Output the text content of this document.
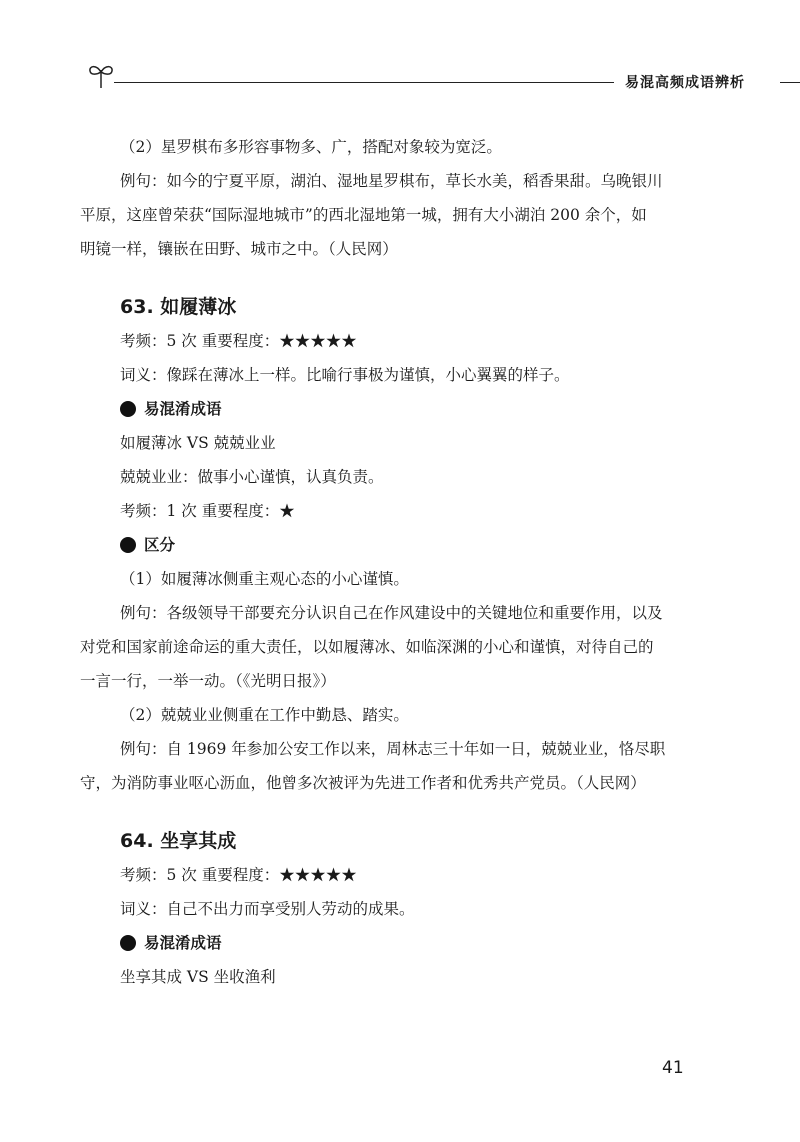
易混高频成语辨析

（2）星罗棋布多形容事物多、广，搭配对象较为宽泛。

例句：如今的宁夏平原，湖泊、湿地星罗棋布，草长水美，稻香果甜。乌晚银川

平原，这座曾荣获“国际湿地城市”的西北湿地第一城，拥有大小湖泊 200 余个，如

明镜一样，镶嵌在田野、城市之中。（人民网）

63. 如履薄冰

考频：5 次 重要程度：★★★★★

词义：像踩在薄冰上一样。比喻行事极为谨慎，小心翼翼的样子。

易混淆成语

如履薄冰 VS 兢兢业业

兢兢业业：做事小心谨慎，认真负责。

考频：1 次 重要程度：★

区分

（1）如履薄冰侧重主观心态的小心谨慎。

例句：各级领导干部要充分认识自己在作风建设中的关键地位和重要作用，以及

对党和国家前途命运的重大责任，以如履薄冰、如临深渊的小心和谨慎，对待自己的

一言一行，一举一动。（《光明日报》）

（2）兢兢业业侧重在工作中勤恳、踏实。

例句：自 1969 年参加公安工作以来，周林志三十年如一日，兢兢业业，恪尽职

守，为消防事业呕心沥血，他曾多次被评为先进工作者和优秀共产党员。（人民网）

64. 坐享其成

考频：5 次 重要程度：★★★★★

词义：自己不出力而享受别人劳动的成果。

易混淆成语

坐享其成 VS 坐收渔利

41
